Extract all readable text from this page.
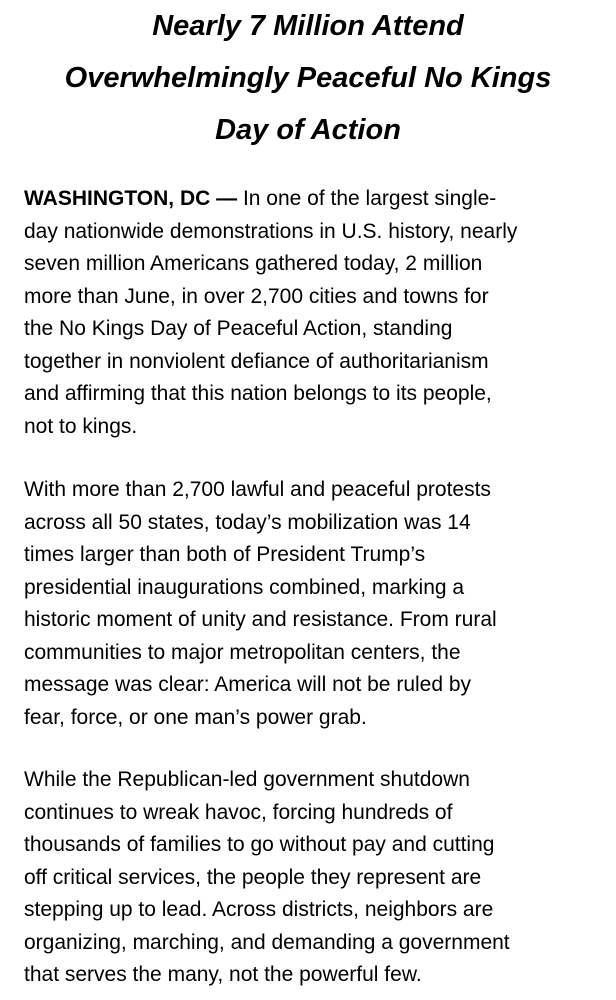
Nearly 7 Million Attend
Overwhelmingly Peaceful No Kings
Day of Action

WASHINGTON, DC — In one of the largest single-
day nationwide demonstrations in U.S. history, nearly
seven million Americans gathered today, 2 million
more than June, in over 2,700 cities and towns for
the No Kings Day of Peaceful Action, standing
together in nonviolent defiance of authoritarianism
and affirming that this nation belongs to its people,
not to kings.

With more than 2,700 lawful and peaceful protests
across all 50 states, today’s mobilization was 14
times larger than both of President Trump’s
presidential inaugurations combined, marking a
historic moment of unity and resistance. From rural
communities to major metropolitan centers, the
message was clear: America will not be ruled by
fear, force, or one man’s power grab.

While the Republican-led government shutdown
continues to wreak havoc, forcing hundreds of
thousands of families to go without pay and cutting
off critical services, the people they represent are
stepping up to lead. Across districts, neighbors are
organizing, marching, and demanding a government
that serves the many, not the powerful few.
